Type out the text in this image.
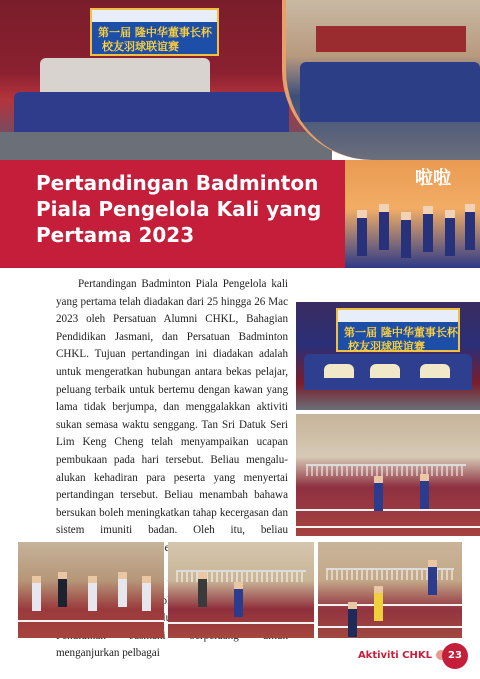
第一届 隆中华董事长杯
校友羽球联谊赛
Pertandingan Badminton Piala Pengelola Kali yang Pertama 2023
啦啦

Pertandingan Badminton Piala Pengelola kali yang pertama telah diadakan dari 25 hingga 26 Mac 2023 oleh Persatuan Alumni CHKL, Bahagian Pendidikan Jasmani, dan Persatuan Badminton CHKL. Tujuan pertandingan ini diadakan adalah untuk mengeratkan hubungan antara bekas pelajar, peluang terbaik untuk bertemu dengan kawan yang lama tidak berjumpa, dan menggalakkan aktiviti sukan semasa waktu senggang. Tan Sri Datuk Seri Lim Keng Cheng telah menyampaikan ucapan pembukaan pada hari tersebut. Beliau mengalu-alukan kehadiran para peserta yang menyertai pertandingan tersebut. Beliau menambah bahawa bersukan boleh meningkatkan tahap kecergasan dan sistem imuniti badan. Oleh itu, beliau menganjurkan pelbagai

第一届 隆中华董事长杯
校友羽球联谊赛
Aktiviti CHKL	23
